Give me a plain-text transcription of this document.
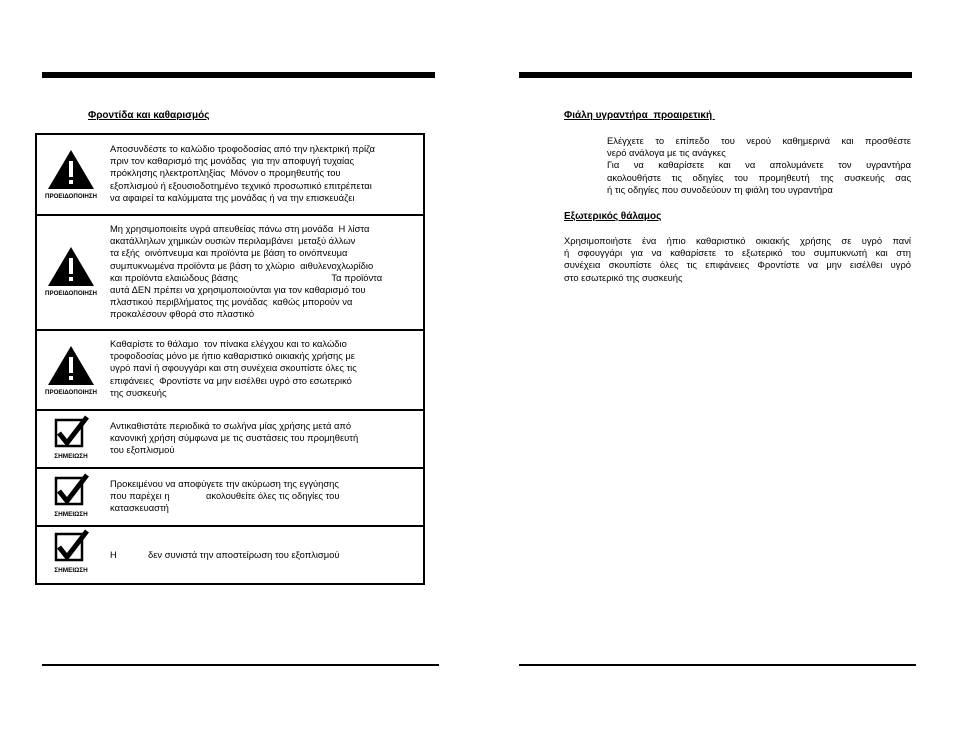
Φροντίδα και καθαρισμός
ΠΡΟΕΙΔΟΠΟΙΗΣΗ
Αποσυνδέστε το καλώδιο τροφοδοσίας από την ηλεκτρική πρίζα
πριν τον καθαρισμό της μονάδας  για την αποφυγή τυχαίας
πρόκλησης ηλεκτροπληξίας  Μόνον ο προμηθευτής του
εξοπλισμού ή εξουσιοδοτημένο τεχνικό προσωπικό επιτρέπεται
να αφαιρεί τα καλύμματα της μονάδας ή να την επισκευάζει
ΠΡΟΕΙΔΟΠΟΙΗΣΗ
Μη χρησιμοποιείτε υγρά απευθείας πάνω στη μονάδα  Η λίστα
ακατάλληλων χημικών ουσιών περιλαμβάνει  μεταξύ άλλων
τα εξής  οινόπνευμα και προϊόντα με βάση το οινόπνευμα
συμπυκνωμένα προϊόντα με βάση το χλώριο  αιθυλενοχλωρίδιο
και προϊόντα ελαιώδους βάσης                                    Τα προϊόντα
αυτά ΔΕΝ πρέπει να χρησιμοποιούνται για τον καθαρισμό του
πλαστικού περιβλήματος της μονάδας  καθώς μπορούν να
προκαλέσουν φθορά στο πλαστικό
ΠΡΟΕΙΔΟΠΟΙΗΣΗ
Καθαρίστε το θάλαμο  τον πίνακα ελέγχου και το καλώδιο
τροφοδοσίας μόνο με ήπιο καθαριστικό οικιακής χρήσης με
υγρό πανί ή σφουγγάρι και στη συνέχεια σκουπίστε όλες τις
επιφάνειες  Φροντίστε να μην εισέλθει υγρό στο εσωτερικό
της συσκευής
ΣΗΜΕΙΩΣΗ
Αντικαθιστάτε περιοδικά το σωλήνα μίας χρήσης μετά από
κανονική χρήση σύμφωνα με τις συστάσεις του προμηθευτή
του εξοπλισμού
ΣΗΜΕΙΩΣΗ
Προκειμένου να αποφύγετε την ακύρωση της εγγύησης
που παρέχει η              ακολουθείτε όλες τις οδηγίες του
κατασκευαστή
ΣΗΜΕΙΩΣΗ
Η            δεν συνιστά την αποστείρωση του εξοπλισμού
Φιάλη υγραντήρα  προαιρετική
Ελέγχετε το επίπεδο του νερού καθημερινά και προσθέστε
νερό ανάλογα με τις ανάγκες
Για να καθαρίσετε και να απολυμάνετε τον υγραντήρα
ακολουθήστε τις οδηγίες του προμηθευτή της συσκευής σας
ή τις οδηγίες που συνοδεύουν τη φιάλη του υγραντήρα
Εξωτερικός θάλαμος
Χρησιμοποιήστε ένα ήπιο καθαριστικό οικιακής χρήσης σε υγρό πανί
ή σφουγγάρι για να καθαρίσετε το εξωτερικό του συμπυκνωτή και στη
συνέχεια σκουπίστε όλες τις επιφάνειες Φροντίστε να μην εισέλθει υγρό
στο εσωτερικό της συσκευής
